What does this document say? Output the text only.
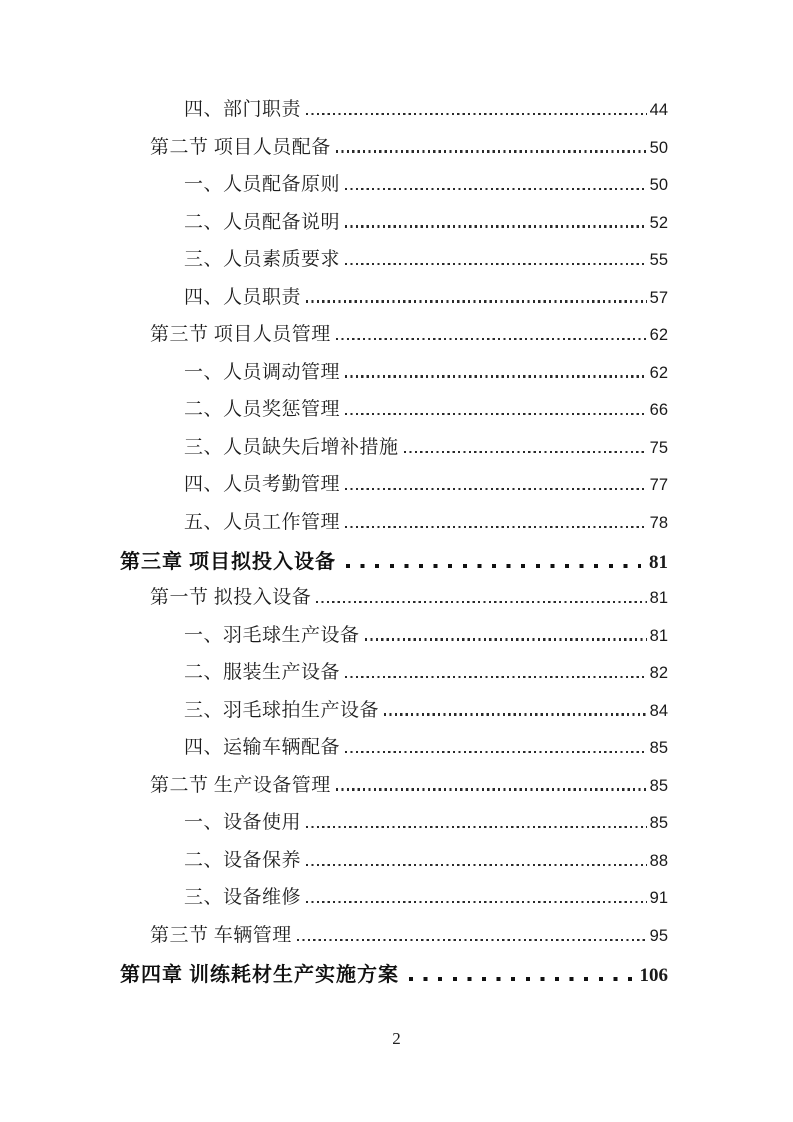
四、部门职责	44
第二节 项目人员配备	50
一、人员配备原则	50
二、人员配备说明	52
三、人员素质要求	55
四、人员职责	57
第三节 项目人员管理	62
一、人员调动管理	62
二、人员奖惩管理	66
三、人员缺失后增补措施	75
四、人员考勤管理	77
五、人员工作管理	78
第三章 项目拟投入设备	81
第一节 拟投入设备	81
一、羽毛球生产设备	81
二、服装生产设备	82
三、羽毛球拍生产设备	84
四、运输车辆配备	85
第二节 生产设备管理	85
一、设备使用	85
二、设备保养	88
三、设备维修	91
第三节 车辆管理	95
第四章 训练耗材生产实施方案	106
2
